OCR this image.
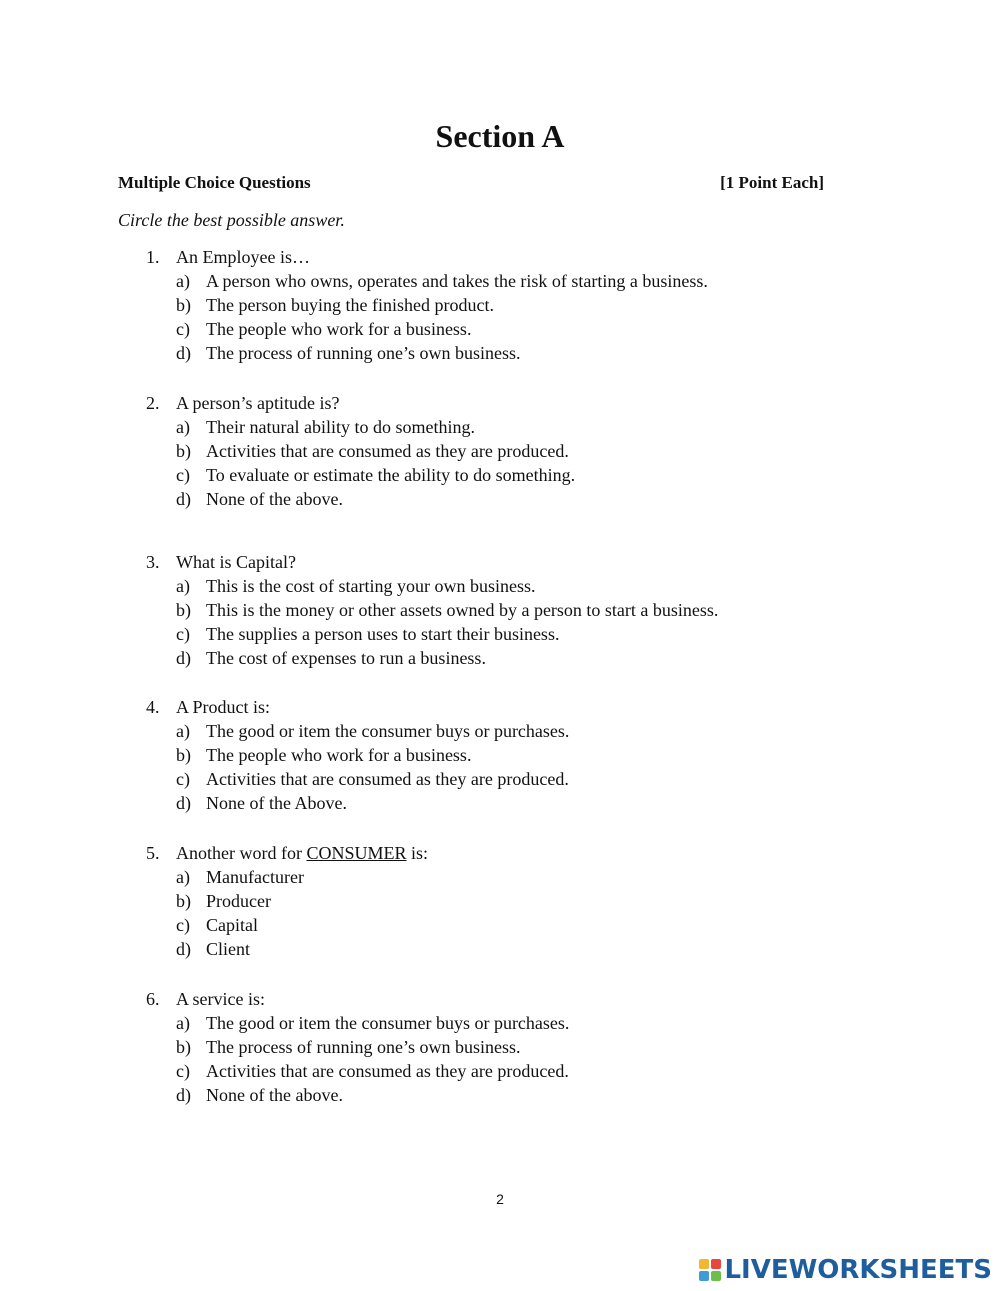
Section A
Multiple Choice Questions	[1 Point Each]
Circle the best possible answer.
1. An Employee is…
a) A person who owns, operates and takes the risk of starting a business.
b) The person buying the finished product.
c) The people who work for a business.
d) The process of running one’s own business.
2. A person’s aptitude is?
a) Their natural ability to do something.
b) Activities that are consumed as they are produced.
c) To evaluate or estimate the ability to do something.
d) None of the above.
3. What is Capital?
a) This is the cost of starting your own business.
b) This is the money or other assets owned by a person to start a business.
c) The supplies a person uses to start their business.
d) The cost of expenses to run a business.
4. A Product is:
a) The good or item the consumer buys or purchases.
b) The people who work for a business.
c) Activities that are consumed as they are produced.
d) None of the Above.
5. Another word for CONSUMER is:
a) Manufacturer
b) Producer
c) Capital
d) Client
6. A service is:
a) The good or item the consumer buys or purchases.
b) The process of running one’s own business.
c) Activities that are consumed as they are produced.
d) None of the above.
2
LIVEWORKSHEETS
